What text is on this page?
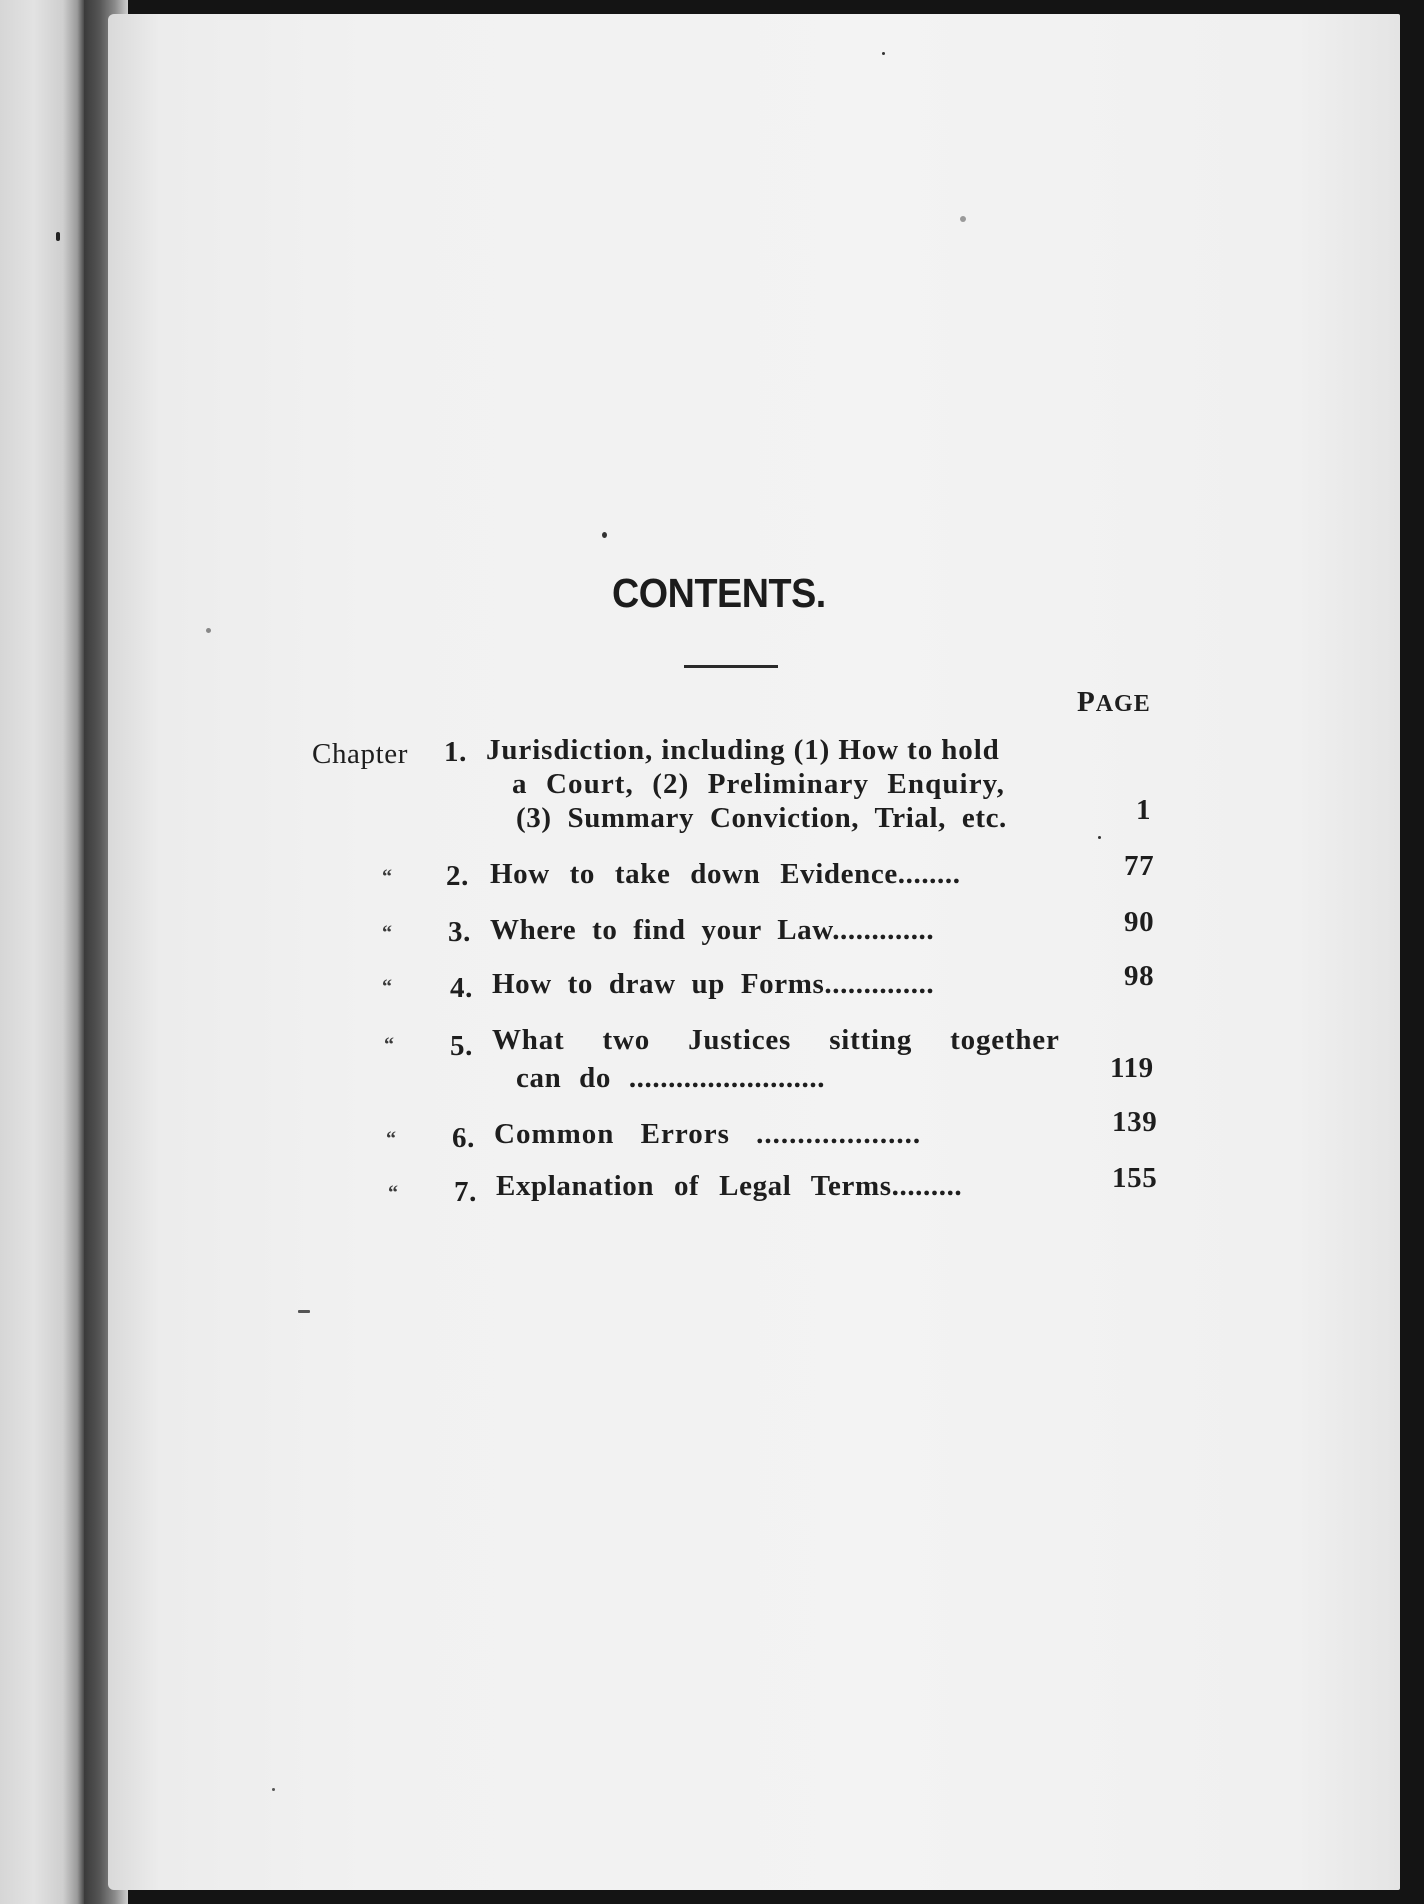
CONTENTS.
PAGE
Chapter 1. Jurisdiction, including (1) How to hold
a Court, (2) Preliminary Enquiry,
(3) Summary Conviction, Trial, etc.	1
“ 2. How to take down Evidence........	77
“ 3. Where to find your Law.............	90
“ 4. How to draw up Forms..............	98
“ 5. What two Justices sitting together
can do .........................	119
“ 6. Common Errors ....................	139
“ 7. Explanation of Legal Terms.........	155
